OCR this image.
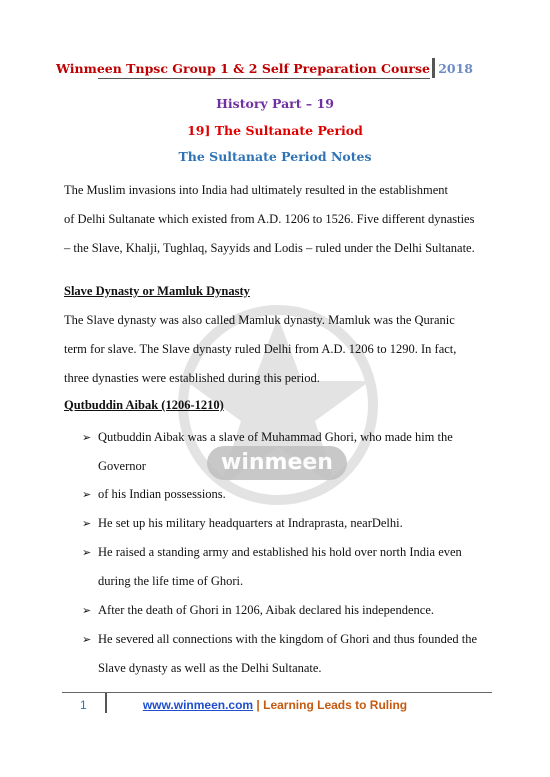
Winmeen Tnpsc Group 1 & 2 Self Preparation Course 2018
History Part – 19
19] The Sultanate Period
The Sultanate Period Notes
winmeen
The Muslim invasions into India had ultimately resulted in the establishment
of Delhi Sultanate which existed from A.D. 1206 to 1526. Five different dynasties
– the Slave, Khalji, Tughlaq, Sayyids and Lodis – ruled under the Delhi Sultanate.
Slave Dynasty or Mamluk Dynasty
The Slave dynasty was also called Mamluk dynasty. Mamluk was the Quranic
term for slave. The Slave dynasty ruled Delhi from A.D. 1206 to 1290. In fact,
three dynasties were established during this period.
Qutbuddin Aibak (1206-1210)
➢ Qutbuddin Aibak was a slave of Muhammad Ghori, who made him the
Governor
➢ of his Indian possessions.
➢ He set up his military headquarters at Indraprasta, nearDelhi.
➢ He raised a standing army and established his hold over north India even
during the life time of Ghori.
➢ After the death of Ghori in 1206, Aibak declared his independence.
➢ He severed all connections with the kingdom of Ghori and thus founded the
Slave dynasty as well as the Delhi Sultanate.
1	www.winmeen.com | Learning Leads to Ruling
